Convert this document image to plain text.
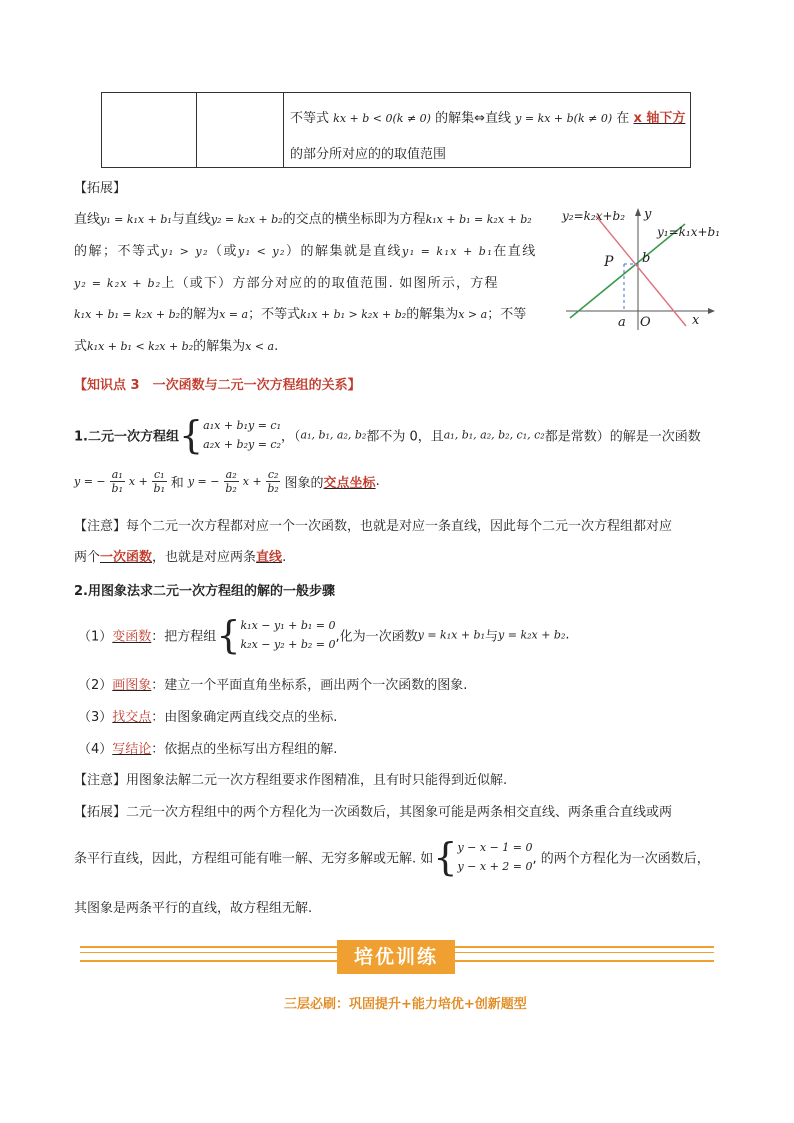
不等式 kx + b < 0(k ≠ 0) 的解集⇔直线 y = kx + b(k ≠ 0) 在 x 轴下方
的部分所对应的的取值范围
【拓展】
直线y₁ = k₁x + b₁与直线y₂ = k₂x + b₂的交点的横坐标即为方程k₁x + b₁ = k₂x + b₂
的解；不等式y₁ > y₂（或y₁ < y₂）的解集就是直线y₁ = k₁x + b₁在直线
y₂ = k₂x + b₂上（或下）方部分对应的的取值范围. 如图所示，方程
k₁x + b₁ = k₂x + b₂的解为x = a；不等式k₁x + b₁ > k₂x + b₂的解集为x > a；不等
式k₁x + b₁ < k₂x + b₂的解集为x < a.
y₂=k₂x+b₂
y₁=k₁x+b₁
y
x
P b
a O
【知识点 3　一次函数与二元一次方程组的关系】
1.二元一次方程组{ a₁x + b₁y = c₁
a₂x + b₂y = c₂ ，（a₁, b₁, a₂, b₂都不为 0，且a₁, b₁, a₂, b₂, c₁, c₂都是常数）的解是一次函数
y = − $\frac{\text{a₁}}{\text{b₁}}$ $x + \frac{\text{c₁}}{\text{b₁}}$ 和 y = − $\frac{\text{a₂}}{\text{b₂}}$ $x + \frac{\text{c₂}}{\text{b₂}}$ 图象的交点坐标.
【注意】每个二元一次方程都对应一个一次函数，也就是对应一条直线，因此每个二元一次方程组都对应
两个一次函数，也就是对应两条直线.
2.用图象法求二元一次方程组的解的一般步骤
（1）变函数：把方程组{ k₁x − y₁ + b₁ = 0
k₂x − y₂ + b₂ = 0 ,化为一次函数y = k₁x + b₁与y = k₂x + b₂.
（2）画图象：建立一个平面直角坐标系，画出两个一次函数的图象.
（3）找交点：由图象确定两直线交点的坐标.
（4）写结论：依据点的坐标写出方程组的解.
【注意】用图象法解二元一次方程组要求作图精准，且有时只能得到近似解.
【拓展】二元一次方程组中的两个方程化为一次函数后，其图象可能是两条相交直线、两条重合直线或两
条平行直线，因此，方程组可能有唯一解、无穷多解或无解. 如{ y − x − 1 = 0
y − x + 2 = 0 , 的两个方程化为一次函数后，
其图象是两条平行的直线，故方程组无解.
培优训练
三层必刷：巩固提升+能力培优+创新题型
